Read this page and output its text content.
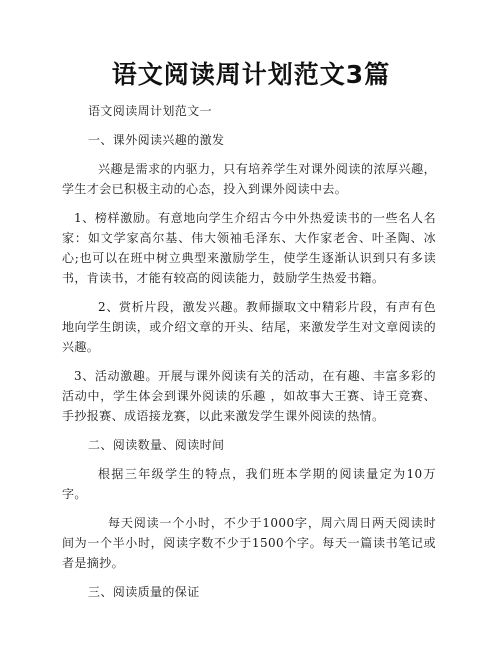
语文阅读周计划范文3篇

语文阅读周计划范文一

一、课外阅读兴趣的激发

兴趣是需求的内驱力，只有培养学生对课外阅读的浓厚兴趣，学生才会已积极主动的心态，投入到课外阅读中去。

1、榜样激励。有意地向学生介绍古今中外热爱读书的一些名人名家：如文学家高尔基、伟大领袖毛泽东、大作家老舍、叶圣陶、冰心;也可以在班中树立典型来激励学生，使学生逐渐认识到只有多读书，肯读书，才能有较高的阅读能力，鼓励学生热爱书籍。

2、赏析片段，激发兴趣。教师撷取文中精彩片段，有声有色地向学生朗读，或介绍文章的开头、结尾，来激发学生对文章阅读的兴趣。

3、活动激趣。开展与课外阅读有关的活动，在有趣、丰富多彩的活动中，学生体会到课外阅读的乐趣 ，如故事大王赛、诗王竞赛、手抄报赛、成语接龙赛，以此来激发学生课外阅读的热情。

二、阅读数量、阅读时间

根据三年级学生的特点，我们班本学期的阅读量定为10万字。

每天阅读一个小时，不少于1000字，周六周日两天阅读时间为一个半小时，阅读字数不少于1500个字。每天一篇读书笔记或者是摘抄。

三、阅读质量的保证
